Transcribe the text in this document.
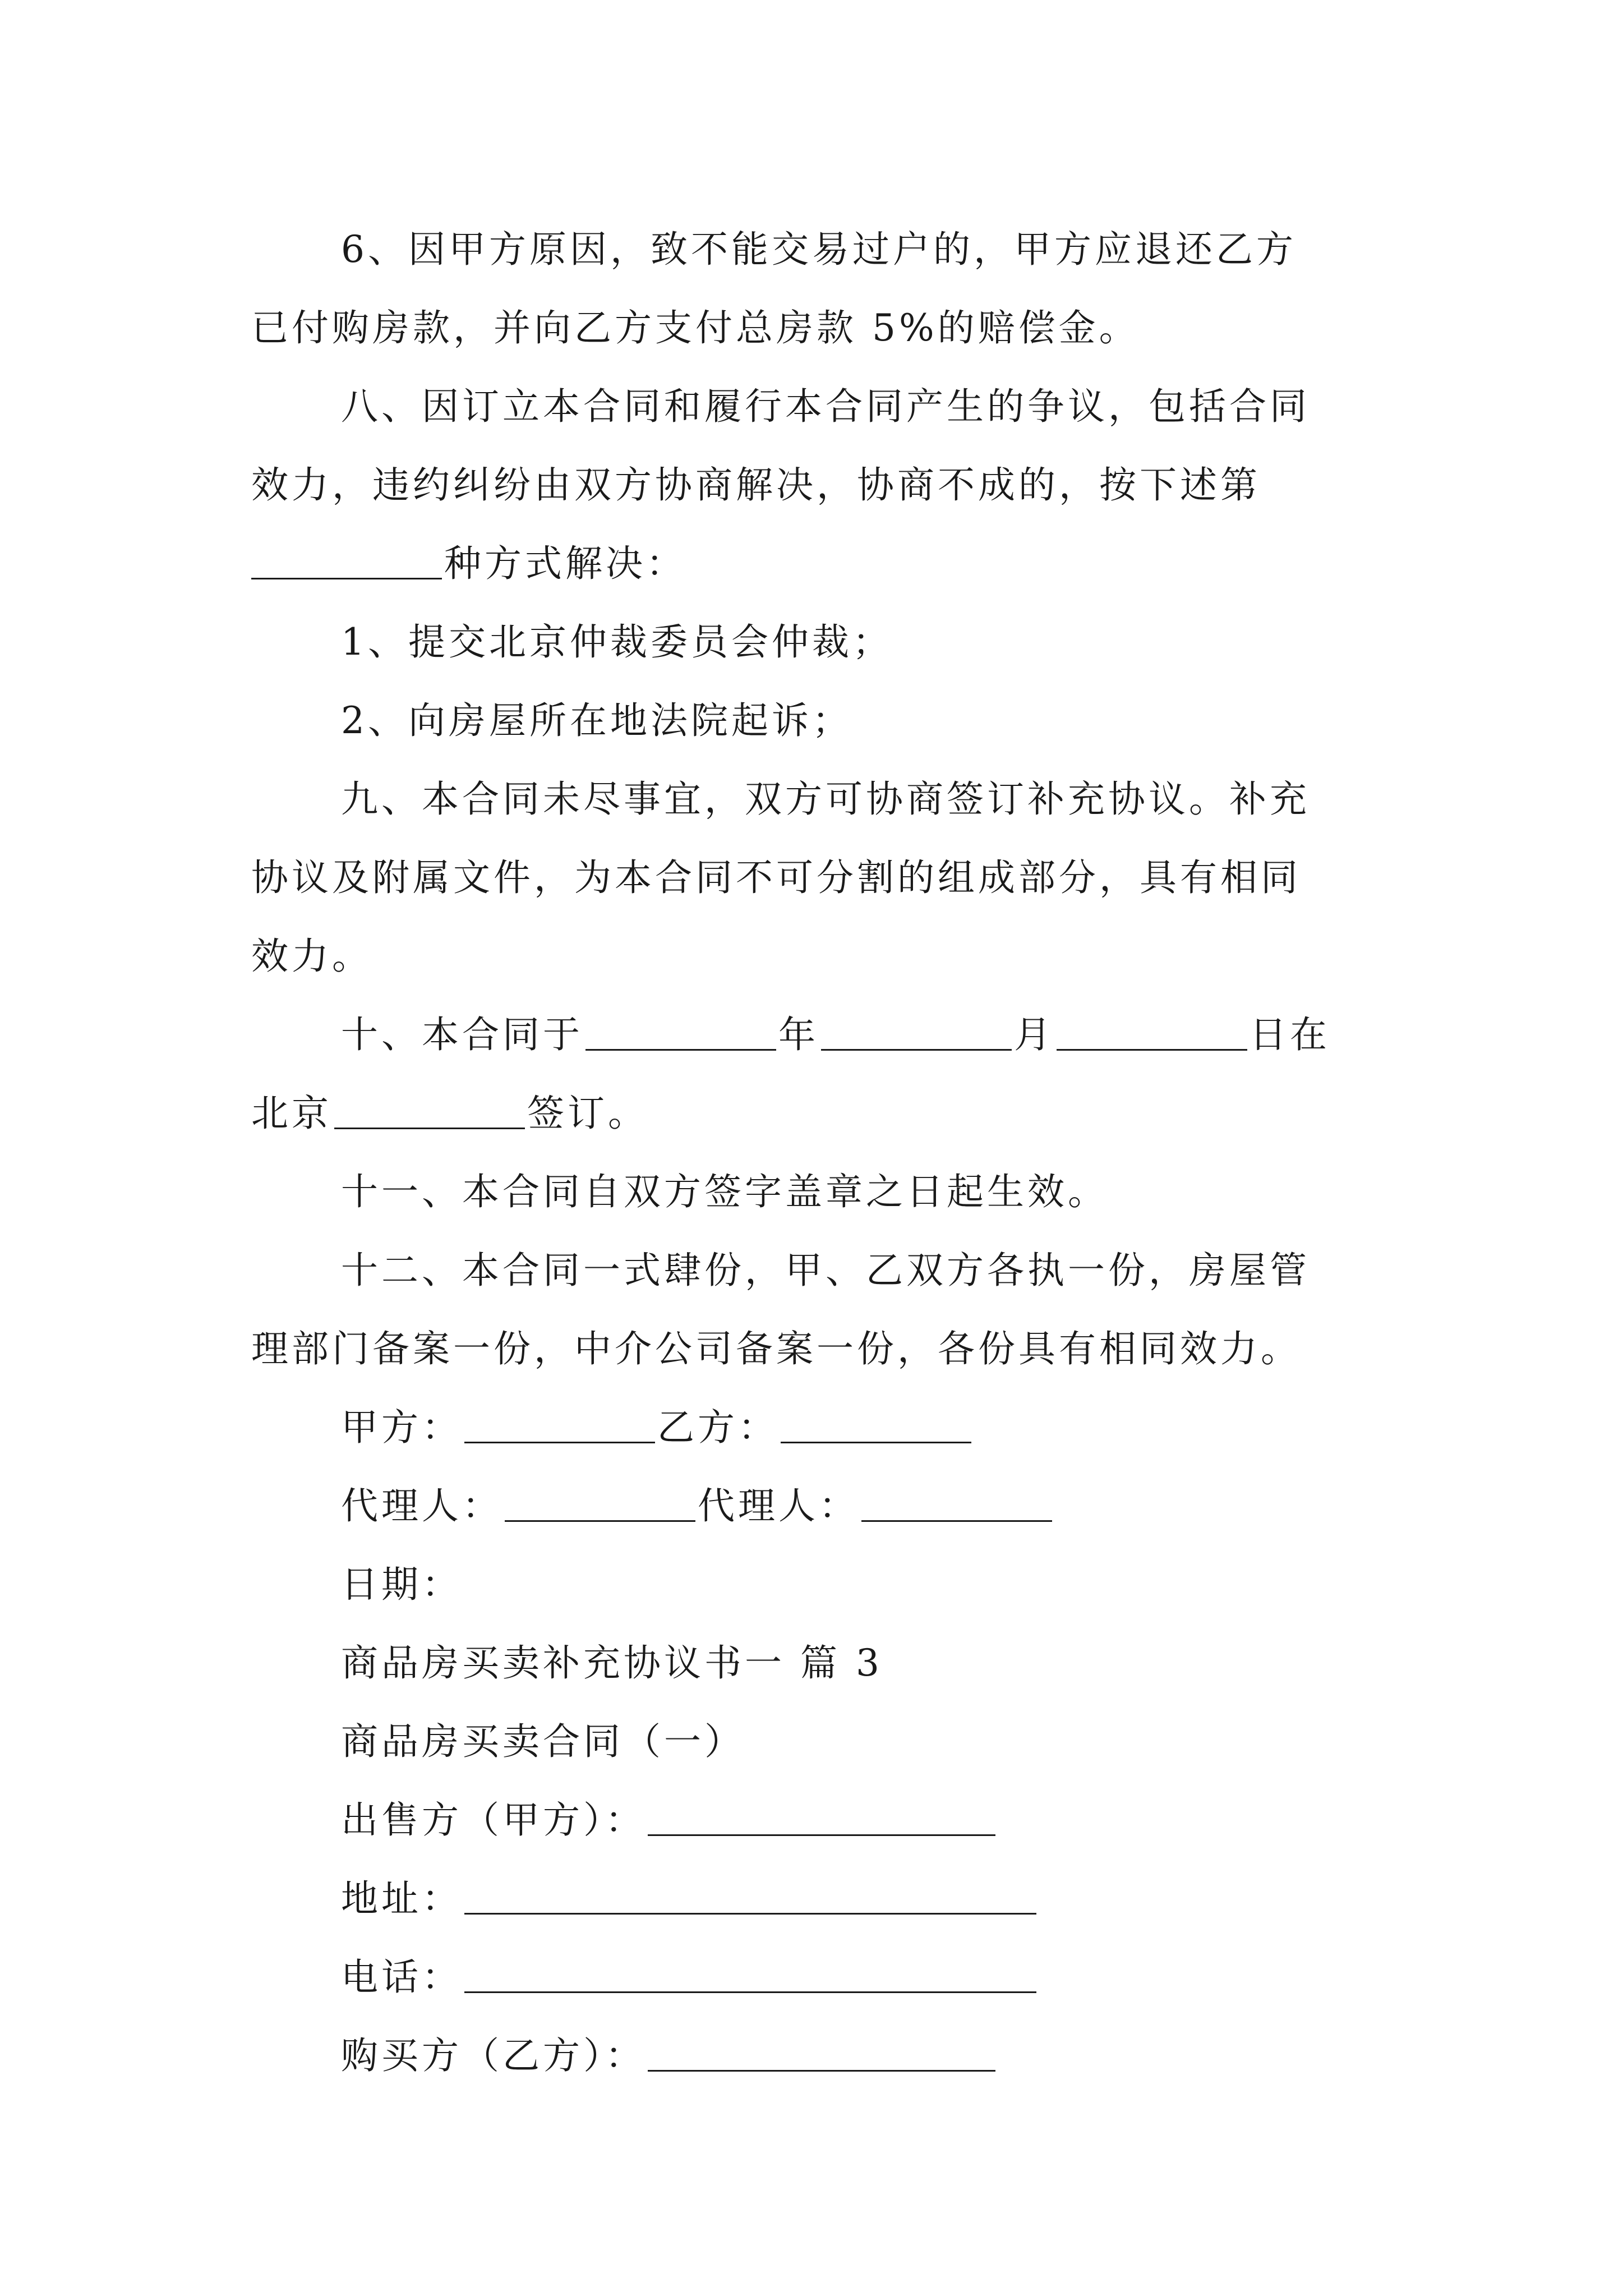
6、因甲方原因，致不能交易过户的，甲方应退还乙方
已付购房款，并向乙方支付总房款 5%的赔偿金。
八、因订立本合同和履行本合同产生的争议，包括合同
效力，违约纠纷由双方协商解决，协商不成的，按下述第
种方式解决：
1、提交北京仲裁委员会仲裁；
2、向房屋所在地法院起诉；
九、本合同未尽事宜，双方可协商签订补充协议。补充
协议及附属文件，为本合同不可分割的组成部分，具有相同
效力。
十、本合同于	年	月	日在
北京	签订。
十一、本合同自双方签字盖章之日起生效。
十二、本合同一式肆份，甲、乙双方各执一份，房屋管
理部门备案一份，中介公司备案一份，各份具有相同效力。
甲方：	乙方：
代理人：	代理人：
日期：
商品房买卖补充协议书一 篇 3
商品房买卖合同（一）
出售方（甲方）：
地址：
电话：
购买方（乙方）：
